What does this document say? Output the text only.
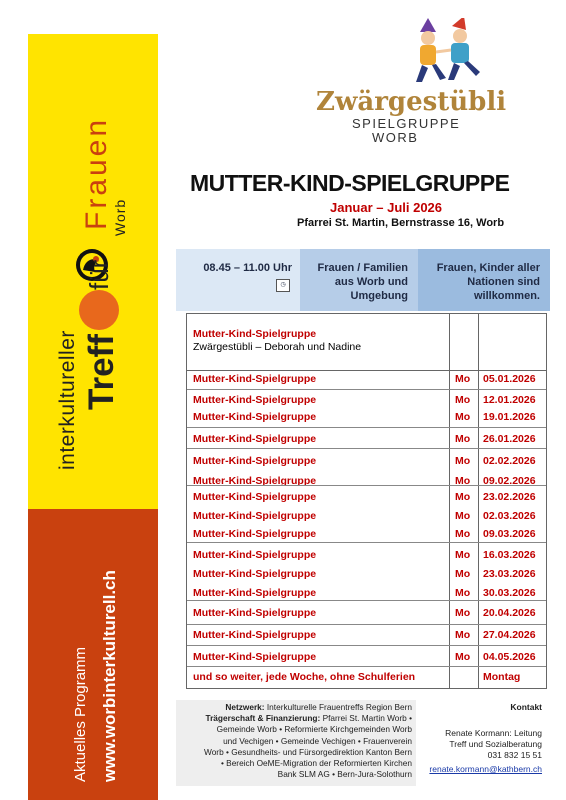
interkultureller Treff
für
Frauen Worb
Aktuelles Programm www.worbinterkulturell.ch
Zwärgestübli
SPIELGRUPPE
WORB
MUTTER-KIND-SPIELGRUPPE
Januar – Juli 2026
Pfarrei St. Martin, Bernstrasse 16, Worb
08.45 – 11.00 Uhr
◷
Frauen / Familien
aus Worb und
Umgebung
Frauen, Kinder aller
Nationen sind
willkommen.
Mutter-Kind-Spielgruppe
Zwärgestübli – Deborah und Nadine
Mutter-Kind-Spielgruppe	Mo 05.01.2026
Mutter-Kind-Spielgruppe	Mo 12.01.2026
Mutter-Kind-Spielgruppe	Mo 19.01.2026
Mutter-Kind-Spielgruppe	Mo 26.01.2026
Mutter-Kind-Spielgruppe	Mo 02.02.2026
Mutter-Kind-Spielgruppe	Mo 09.02.2026
Mutter-Kind-Spielgruppe	Mo 23.02.2026
Mutter-Kind-Spielgruppe	Mo 02.03.2026
Mutter-Kind-Spielgruppe	Mo 09.03.2026
Mutter-Kind-Spielgruppe	Mo 16.03.2026
Mutter-Kind-Spielgruppe	Mo 23.03.2026
Mutter-Kind-Spielgruppe	Mo 30.03.2026
Mutter-Kind-Spielgruppe	Mo 20.04.2026
Mutter-Kind-Spielgruppe	Mo 27.04.2026
Mutter-Kind-Spielgruppe	Mo 04.05.2026
und so weiter, jede Woche, ohne Schulferien	Montag
Netzwerk: Interkulturelle Frauentreffs Region Bern
Trägerschaft & Finanzierung: Pfarrei St. Martin Worb •
Gemeinde Worb • Reformierte Kirchgemeinden Worb
und Vechigen • Gemeinde Vechigen • Frauenverein
Worb • Gesundheits- und Fürsorgedirektion Kanton Bern
• Bereich OeME-Migration der Reformierten Kirchen
Bank SLM AG • Bern-Jura-Solothurn
Kontakt
Renate Kormann: Leitung
Treff und Sozialberatung
031 832 15 51
renate.kormann@kathbern.ch
